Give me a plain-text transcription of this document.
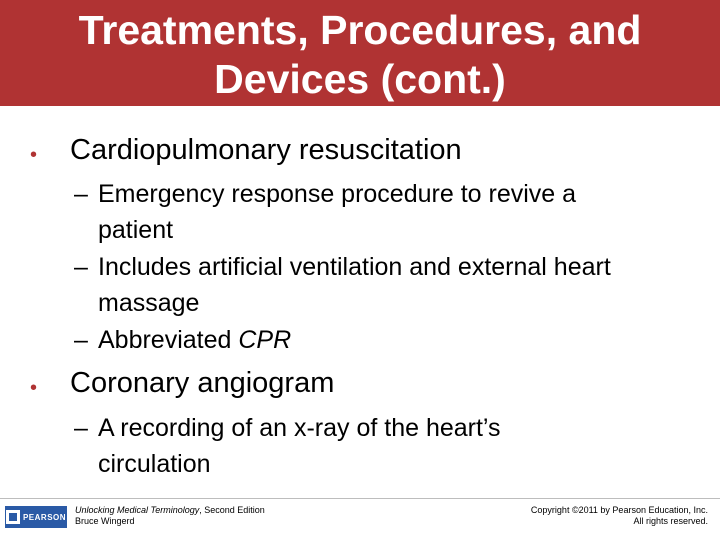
Treatments, Procedures, and
Devices (cont.)
• Cardiopulmonary resuscitation
– Emergency response procedure to revive a
patient
– Includes artificial ventilation and external heart
massage
– Abbreviated CPR
• Coronary angiogram
– A recording of an x-ray of the heart’s
circulation
PEARSON
Unlocking Medical Terminology, Second Edition
Bruce Wingerd
Copyright ©2011 by Pearson Education, Inc.
All rights reserved.
